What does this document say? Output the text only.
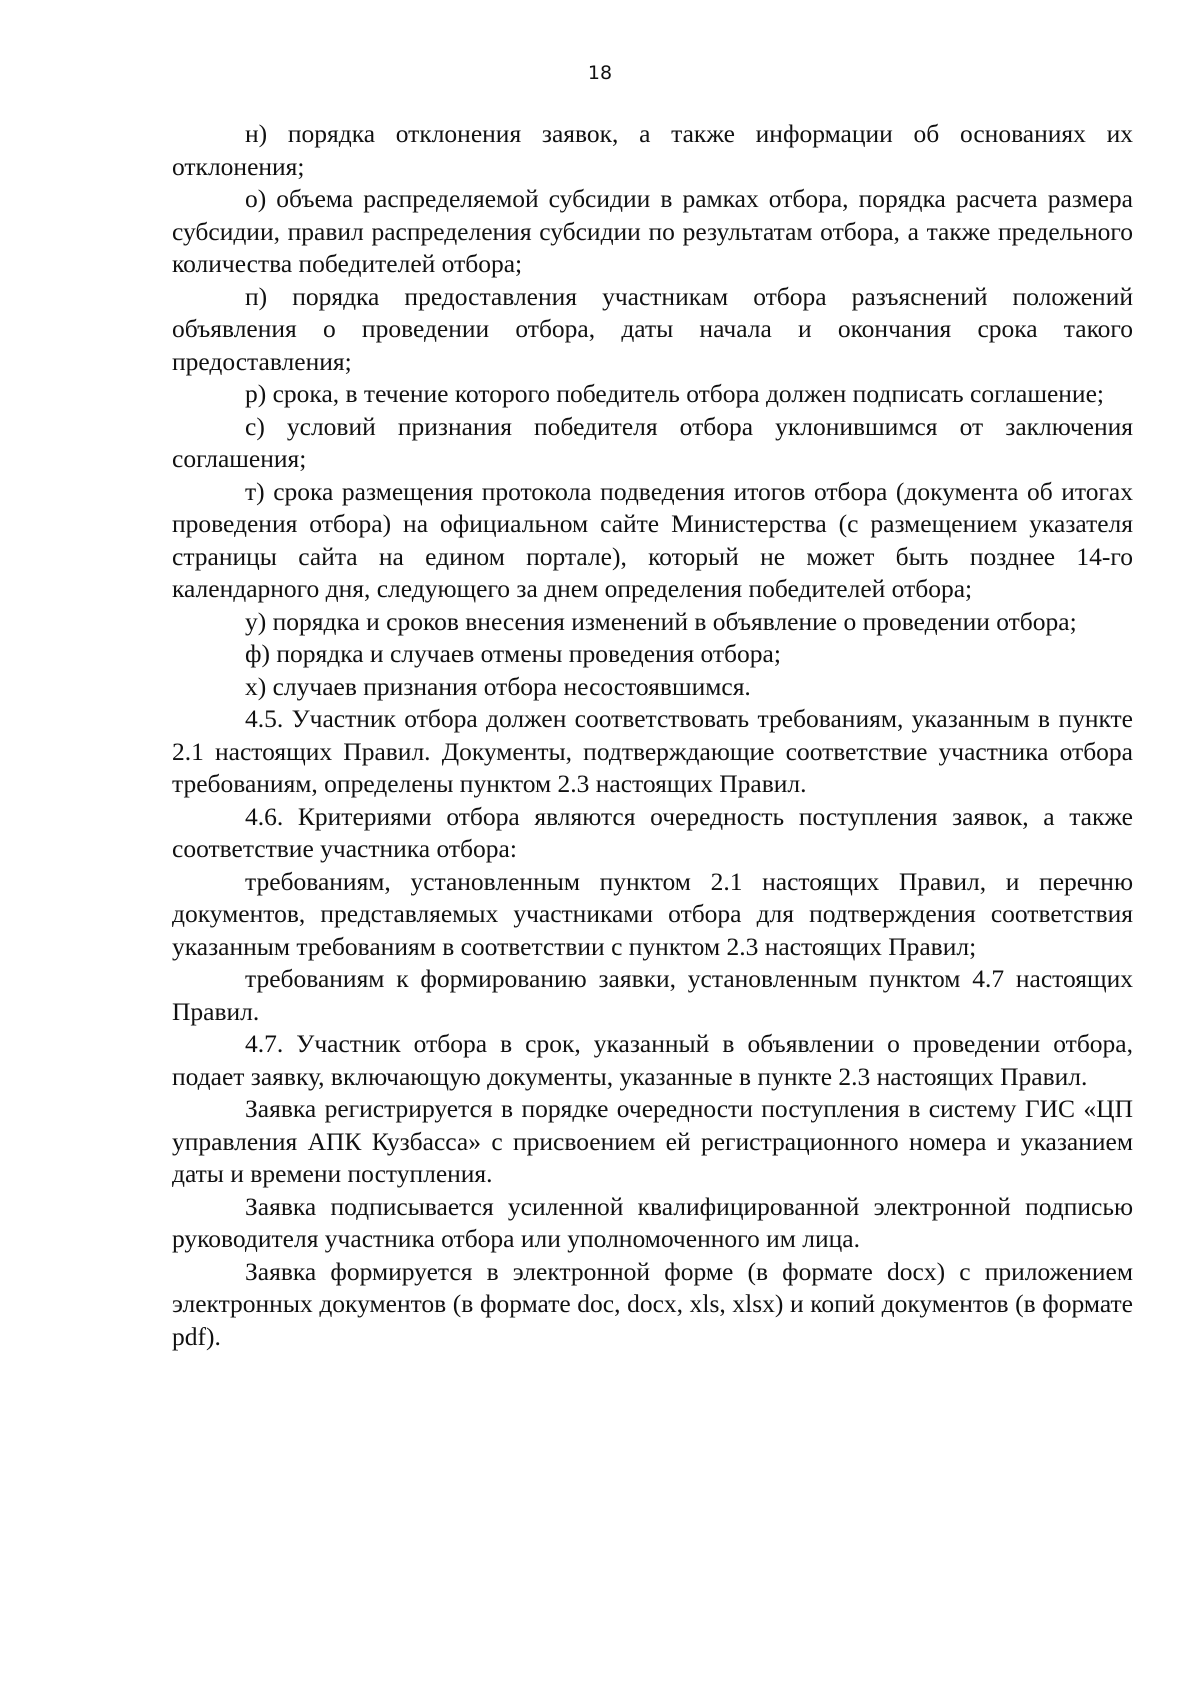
18

н) порядка отклонения заявок, а также информации об основаниях их отклонения;

о) объема распределяемой субсидии в рамках отбора, порядка расчета размера субсидии, правил распределения субсидии по результатам отбора, а также предельного количества победителей отбора;

п) порядка предоставления участникам отбора разъяснений положений объявления о проведении отбора, даты начала и окончания срока такого предоставления;

р) срока, в течение которого победитель отбора должен подписать соглашение;

с) условий признания победителя отбора уклонившимся от заключения соглашения;

т) срока размещения протокола подведения итогов отбора (документа об итогах проведения отбора) на официальном сайте Министерства (с размещением указателя страницы сайта на едином портале), который не может быть позднее 14-го календарного дня, следующего за днем определения победителей отбора;

у) порядка и сроков внесения изменений в объявление о проведении отбора;

ф) порядка и случаев отмены проведения отбора;

х) случаев признания отбора несостоявшимся.

4.5. Участник отбора должен соответствовать требованиям, указанным в пункте 2.1 настоящих Правил. Документы, подтверждающие соответствие участника отбора требованиям, определены пунктом 2.3 настоящих Правил.

4.6. Критериями отбора являются очередность поступления заявок, а также соответствие участника отбора:

требованиям, установленным пунктом 2.1 настоящих Правил, и перечню документов, представляемых участниками отбора для подтверждения соответствия указанным требованиям в соответствии с пунктом 2.3 настоящих Правил;

требованиям к формированию заявки, установленным пунктом 4.7 настоящих Правил.

4.7. Участник отбора в срок, указанный в объявлении о проведении отбора, подает заявку, включающую документы, указанные в пункте 2.3 настоящих Правил.

Заявка регистрируется в порядке очередности поступления в систему ГИС «ЦП управления АПК Кузбасса» с присвоением ей регистрационного номера и указанием даты и времени поступления.

Заявка подписывается усиленной квалифицированной электронной подписью руководителя участника отбора или уполномоченного им лица.

Заявка формируется в электронной форме (в формате docx) с приложением электронных документов (в формате doc, docx, xls, xlsx) и копий документов (в формате pdf).
